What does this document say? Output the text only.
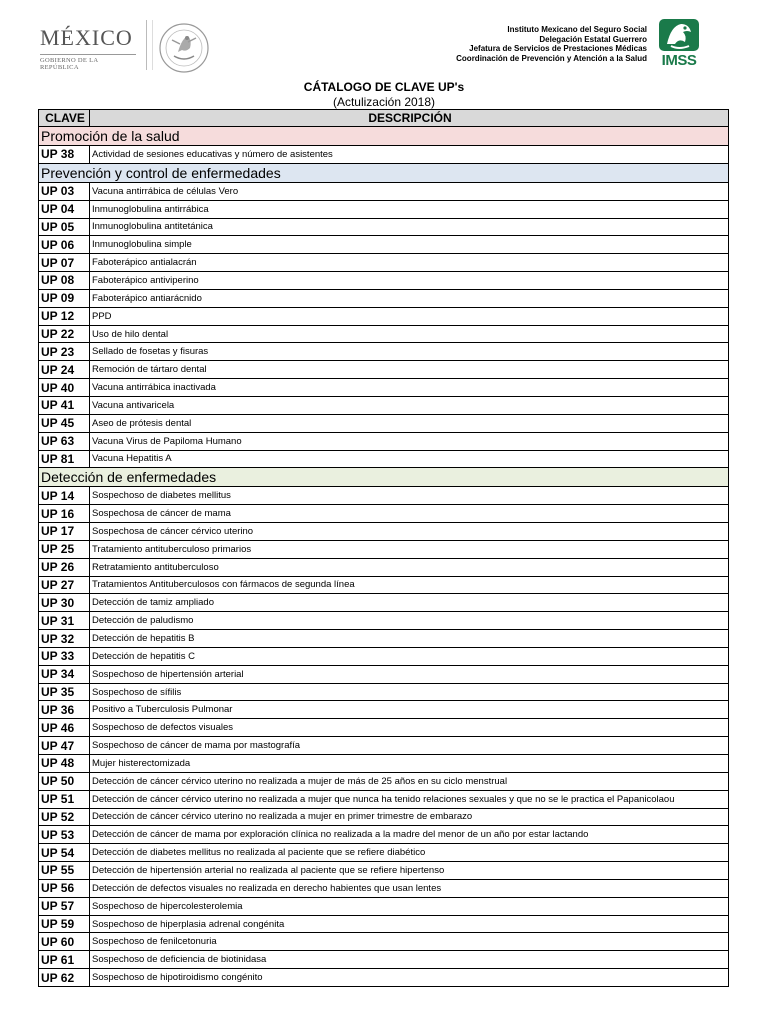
MÉXICO
GOBIERNO DE LA REPÚBLICA
Instituto Mexicano del Seguro Social
Delegación Estatal Guerrero
Jefatura de Servicios de Prestaciones Médicas
Coordinación de Prevención y Atención a la Salud IMSS
CÁTALOGO DE CLAVE UP's
(Actulización 2018)
CLAVE	DESCRIPCIÓN
Promoción de la salud	
UP 38	Actividad de sesiones educativas y número de asistentes
Prevención y control de enfermedades	
UP 03	Vacuna antirrábica de células Vero
UP 04	Inmunoglobulina antirrábica
UP 05	Inmunoglobulina antitetánica
UP 06	Inmunoglobulina simple
UP 07	Faboterápico antialacrán
UP 08	Faboterápico antiviperino
UP 09	Faboterápico antiarácnido
UP 12	PPD
UP 22	Uso de hilo dental
UP 23	Sellado de fosetas y fisuras
UP 24	Remoción de tártaro dental
UP 40	Vacuna antirrábica inactivada
UP 41	Vacuna antivaricela
UP 45	Aseo de prótesis dental
UP 63	Vacuna Virus de Papiloma Humano
UP 81	Vacuna Hepatitis A
Detección de enfermedades	
UP 14	Sospechoso de diabetes mellitus
UP 16	Sospechosa de cáncer de mama
UP 17	Sospechosa de cáncer cérvico uterino
UP 25	Tratamiento antituberculoso primarios
UP 26	Retratamiento antituberculoso
UP 27	Tratamientos Antituberculosos con fármacos de segunda línea
UP 30	Detección de tamiz ampliado
UP 31	Detección de paludismo
UP 32	Detección de hepatitis B
UP 33	Detección de hepatitis C
UP 34	Sospechoso de hipertensión arterial
UP 35	Sospechoso de sífilis
UP 36	Positivo a Tuberculosis Pulmonar
UP 46	Sospechoso de defectos visuales
UP 47	Sospechoso de cáncer de mama por mastografía
UP 48	Mujer histerectomizada
UP 50	Detección de cáncer cérvico uterino no realizada a mujer de más de 25 años en su ciclo menstrual
UP 51	Detección de cáncer cérvico uterino no realizada a mujer que nunca ha tenido relaciones sexuales y que no se le practica el Papanicolaou
UP 52	Detección de cáncer cérvico uterino no realizada a mujer en primer trimestre de embarazo
UP 53	Detección de cáncer de mama por exploración clínica no realizada a la madre del menor de un año por estar lactando
UP 54	Detección de diabetes mellitus no realizada al paciente que se refiere diabético
UP 55	Detección de hipertensión arterial no realizada al paciente que se refiere hipertenso
UP 56	Detección de defectos visuales no realizada en derecho habientes que usan lentes
UP 57	Sospechoso de hipercolesterolemia
UP 59	Sospechoso de hiperplasia adrenal congénita
UP 60	Sospechoso de fenilcetonuria
UP 61	Sospechoso de deficiencia de biotinidasa
UP 62	Sospechoso de hipotiroidismo congénito
